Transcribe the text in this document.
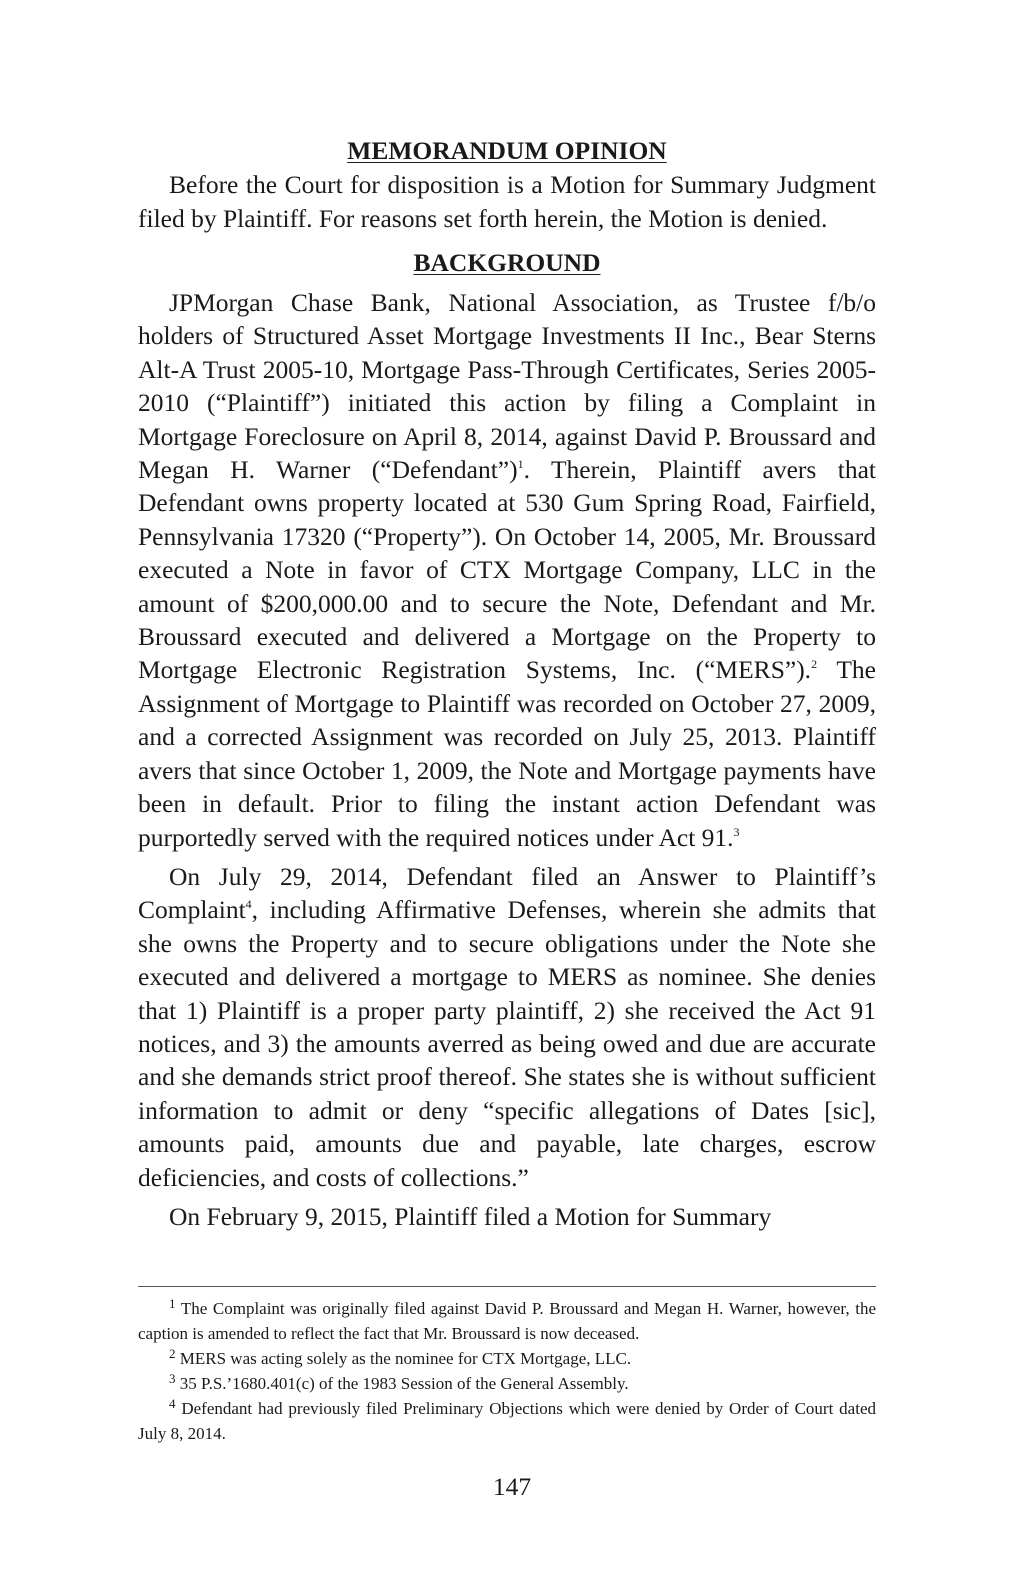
MEMORANDUM OPINION

Before the Court for disposition is a Motion for Summary Judgment filed by Plaintiff. For reasons set forth herein, the Motion is denied.

BACKGROUND

JPMorgan Chase Bank, National Association, as Trustee f/b/o holders of Structured Asset Mortgage Investments II Inc., Bear Sterns Alt-A Trust 2005-10, Mortgage Pass-Through Certificates, Series 2005-2010 (“Plaintiff”) initiated this action by filing a Complaint in Mortgage Foreclosure on April 8, 2014, against David P. Broussard and Megan H. Warner (“Defendant”)$^1$. Therein, Plaintiff avers that Defendant owns property located at 530 Gum Spring Road, Fairfield, Pennsylvania 17320 (“Property”). On October 14, 2005, Mr. Broussard executed a Note in favor of CTX Mortgage Company, LLC in the amount of $200,000.00 and to secure the Note, Defendant and Mr. Broussard executed and delivered a Mortgage on the Property to Mortgage Electronic Registration Systems, Inc. (“MERS”).$^2$ The Assignment of Mortgage to Plaintiff was recorded on October 27, 2009, and a corrected Assignment was recorded on July 25, 2013. Plaintiff avers that since October 1, 2009, the Note and Mortgage payments have been in default. Prior to filing the instant action Defendant was purportedly served with the required notices under Act 91.$^3$

On July 29, 2014, Defendant filed an Answer to Plaintiff’s Complaint$^4$, including Affirmative Defenses, wherein she admits that she owns the Property and to secure obligations under the Note she executed and delivered a mortgage to MERS as nominee. She denies that 1) Plaintiff is a proper party plaintiff, 2) she received the Act 91 notices, and 3) the amounts averred as being owed and due are accurate and she demands strict proof thereof. She states she is without sufficient information to admit or deny “specific allegations of Dates [sic], amounts paid, amounts due and payable, late charges, escrow deficiencies, and costs of collections.”

On February 9, 2015, Plaintiff filed a Motion for Summary

$^1$ The Complaint was originally filed against David P. Broussard and Megan H. Warner, however, the caption is amended to reflect the fact that Mr. Broussard is now deceased.

$^2$ MERS was acting solely as the nominee for CTX Mortgage, LLC.

$^3$ 35 P.S.’1680.401(c) of the 1983 Session of the General Assembly.

$^4$ Defendant had previously filed Preliminary Objections which were denied by Order of Court dated July 8, 2014.

147
